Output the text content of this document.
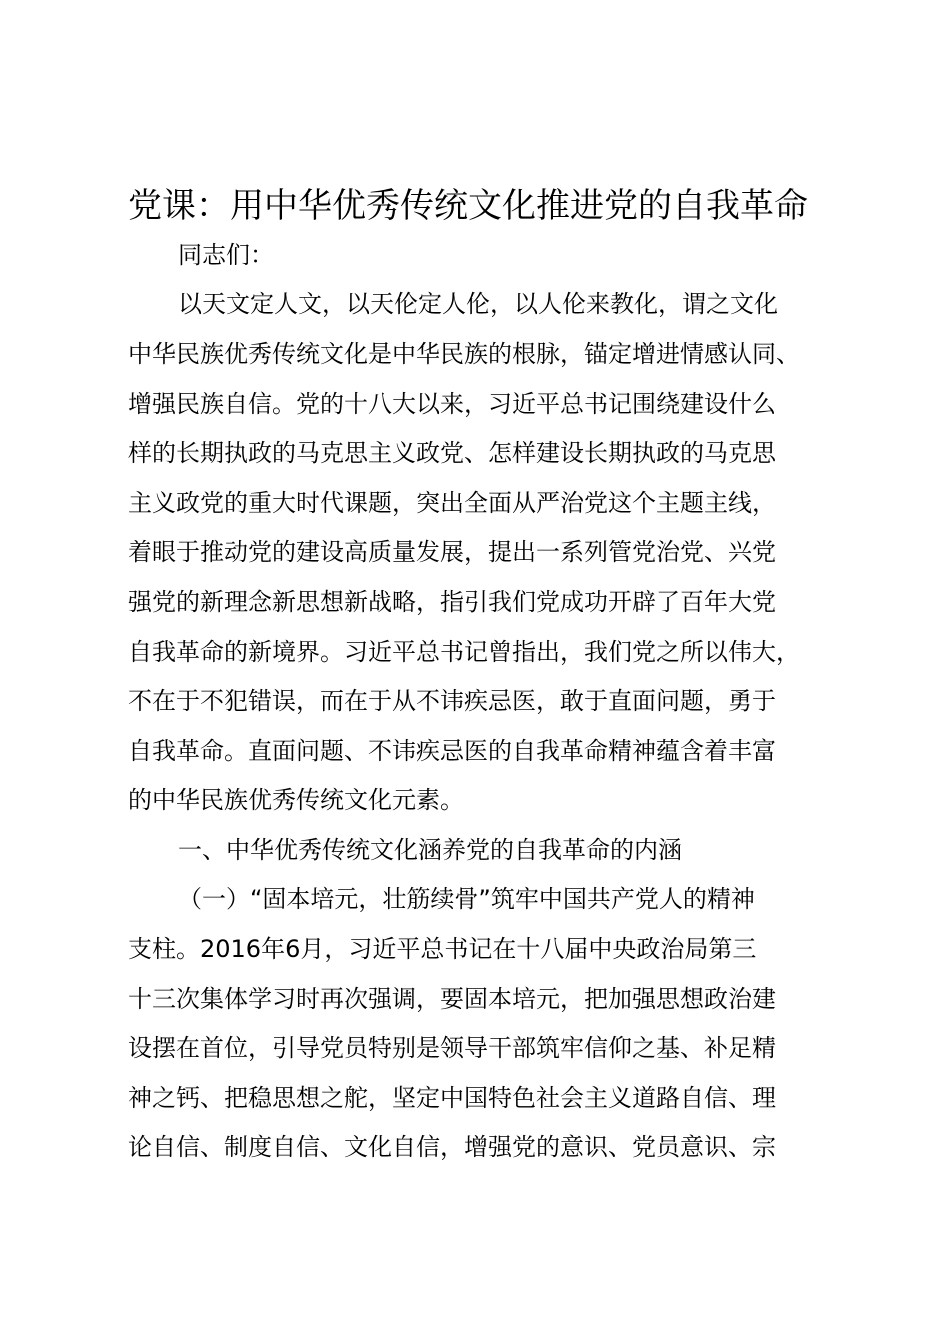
党课：用中华优秀传统文化推进党的自我革命
同志们：
以天文定人文，以天伦定人伦，以人伦来教化，谓之文化
中华民族优秀传统文化是中华民族的根脉，锚定增进情感认同、
增强民族自信。党的十八大以来，习近平总书记围绕建设什么
样的长期执政的马克思主义政党、怎样建设长期执政的马克思
主义政党的重大时代课题，突出全面从严治党这个主题主线，
着眼于推动党的建设高质量发展，提出一系列管党治党、兴党
强党的新理念新思想新战略，指引我们党成功开辟了百年大党
自我革命的新境界。习近平总书记曾指出，我们党之所以伟大，
不在于不犯错误，而在于从不讳疾忌医，敢于直面问题，勇于
自我革命。直面问题、不讳疾忌医的自我革命精神蕴含着丰富
的中华民族优秀传统文化元素。
一、中华优秀传统文化涵养党的自我革命的内涵
（一）“固本培元，壮筋续骨”筑牢中国共产党人的精神
支柱。2016年6月，习近平总书记在十八届中央政治局第三
十三次集体学习时再次强调，要固本培元，把加强思想政治建
设摆在首位，引导党员特别是领导干部筑牢信仰之基、补足精
神之钙、把稳思想之舵，坚定中国特色社会主义道路自信、理
论自信、制度自信、文化自信，增强党的意识、党员意识、宗
